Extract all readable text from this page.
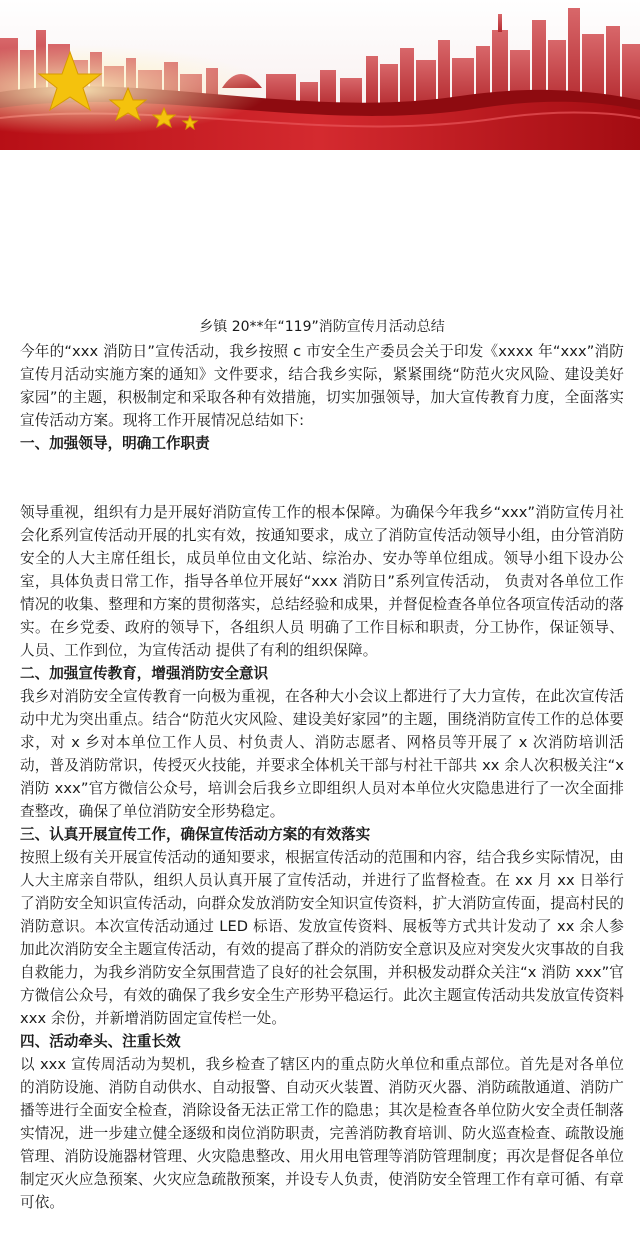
乡镇 20**年“119”消防宣传月活动总结

今年的“xxx 消防日”宣传活动，我乡按照 c 市安全生产委员会关于印发《xxxx 年“xxx”消防宣传月活动实施方案的通知》文件要求，结合我乡实际，紧紧围绕“防范火灾风险、建设美好家园”的主题，积极制定和采取各种有效措施，切实加强领导，加大宣传教育力度，全面落实宣传活动方案。现将工作开展情况总结如下:

一、加强领导，明确工作职责

领导重视，组织有力是开展好消防宣传工作的根本保障。为确保今年我乡“xxx”消防宣传月社会化系列宣传活动开展的扎实有效，按通知要求，成立了消防宣传活动领导小组，由分管消防安全的人大主席任组长，成员单位由文化站、综治办、安办等单位组成。领导小组下设办公室，具体负责日常工作，指导各单位开展好“xxx 消防日”系列宣传活动， 负责对各单位工作情况的收集、整理和方案的贯彻落实，总结经验和成果，并督促检查各单位各项宣传活动的落实。在乡党委、政府的领导下，各组织人员 明确了工作目标和职责，分工协作，保证领导、人员、工作到位，为宣传活动 提供了有利的组织保障。

二、加强宣传教育，增强消防安全意识

我乡对消防安全宣传教育一向极为重视，在各种大小会议上都进行了大力宣传，在此次宣传活动中尤为突出重点。结合“防范火灾风险、建设美好家园”的主题，围绕消防宣传工作的总体要求，对 x 乡对本单位工作人员、村负责人、消防志愿者、网格员等开展了 x 次消防培训活动，普及消防常识，传授灭火技能，并要求全体机关干部与村社干部共 xx 余人次积极关注“x 消防 xxx”官方微信公众号，培训会后我乡立即组织人员对本单位火灾隐患进行了一次全面排查整改，确保了单位消防安全形势稳定。

三、认真开展宣传工作，确保宣传活动方案的有效落实

按照上级有关开展宣传活动的通知要求，根据宣传活动的范围和内容，结合我乡实际情况，由人大主席亲自带队，组织人员认真开展了宣传活动，并进行了监督检查。在 xx 月 xx 日举行了消防安全知识宣传活动，向群众发放消防安全知识宣传资料，扩大消防宣传面，提高村民的消防意识。本次宣传活动通过 LED 标语、发放宣传资料、展板等方式共计发动了 xx 余人参加此次消防安全主题宣传活动，有效的提高了群众的消防安全意识及应对突发火灾事故的自我自救能力，为我乡消防安全氛围营造了良好的社会氛围，并积极发动群众关注“x 消防 xxx”官方微信公众号，有效的确保了我乡安全生产形势平稳运行。此次主题宣传活动共发放宣传资料 xxx 余份，并新增消防固定宣传栏一处。

四、活动牵头、注重长效

以 xxx 宣传周活动为契机，我乡检查了辖区内的重点防火单位和重点部位。首先是对各单位的消防设施、消防自动供水、自动报警、自动灭火装置、消防灭火器、消防疏散通道、消防广播等进行全面安全检查，消除设备无法正常工作的隐患；其次是检查各单位防火安全责任制落实情况，进一步建立健全逐级和岗位消防职责，完善消防教育培训、防火巡查检查、疏散设施管理、消防设施器材管理、火灾隐患整改、用火用电管理等消防管理制度；再次是督促各单位制定灭火应急预案、火灾应急疏散预案，并设专人负责，使消防安全管理工作有章可循、有章可依。
